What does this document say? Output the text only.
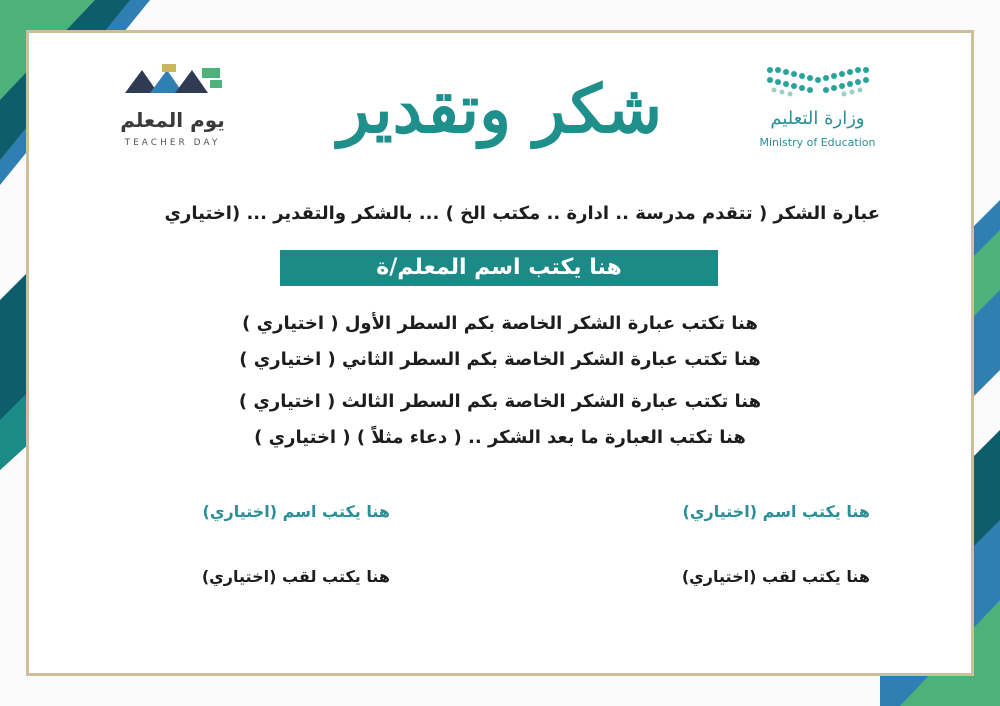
يوم المعلم
TEACHER DAY	شكر وتقدير	وزارة التعليم
Ministry of Education
عبارة الشكر ( تتقدم مدرسة .. ادارة .. مكتب الخ ) ... بالشكر والتقدير ... (اختياري
هنا يكتب اسم المعلم/ة
هنا تكتب عبارة الشكر الخاصة بكم السطر الأول ( اختياري )
هنا تكتب عبارة الشكر الخاصة بكم السطر الثاني ( اختياري )
هنا تكتب عبارة الشكر الخاصة بكم السطر الثالث ( اختياري )
هنا تكتب العبارة ما بعد الشكر .. ( دعاء مثلاً ) ( اختياري )
هنا يكتب اسم (اختياري)
هنا يكتب لقب (اختياري)
هنا يكتب اسم (اختياري)
هنا يكتب لقب (اختياري)
